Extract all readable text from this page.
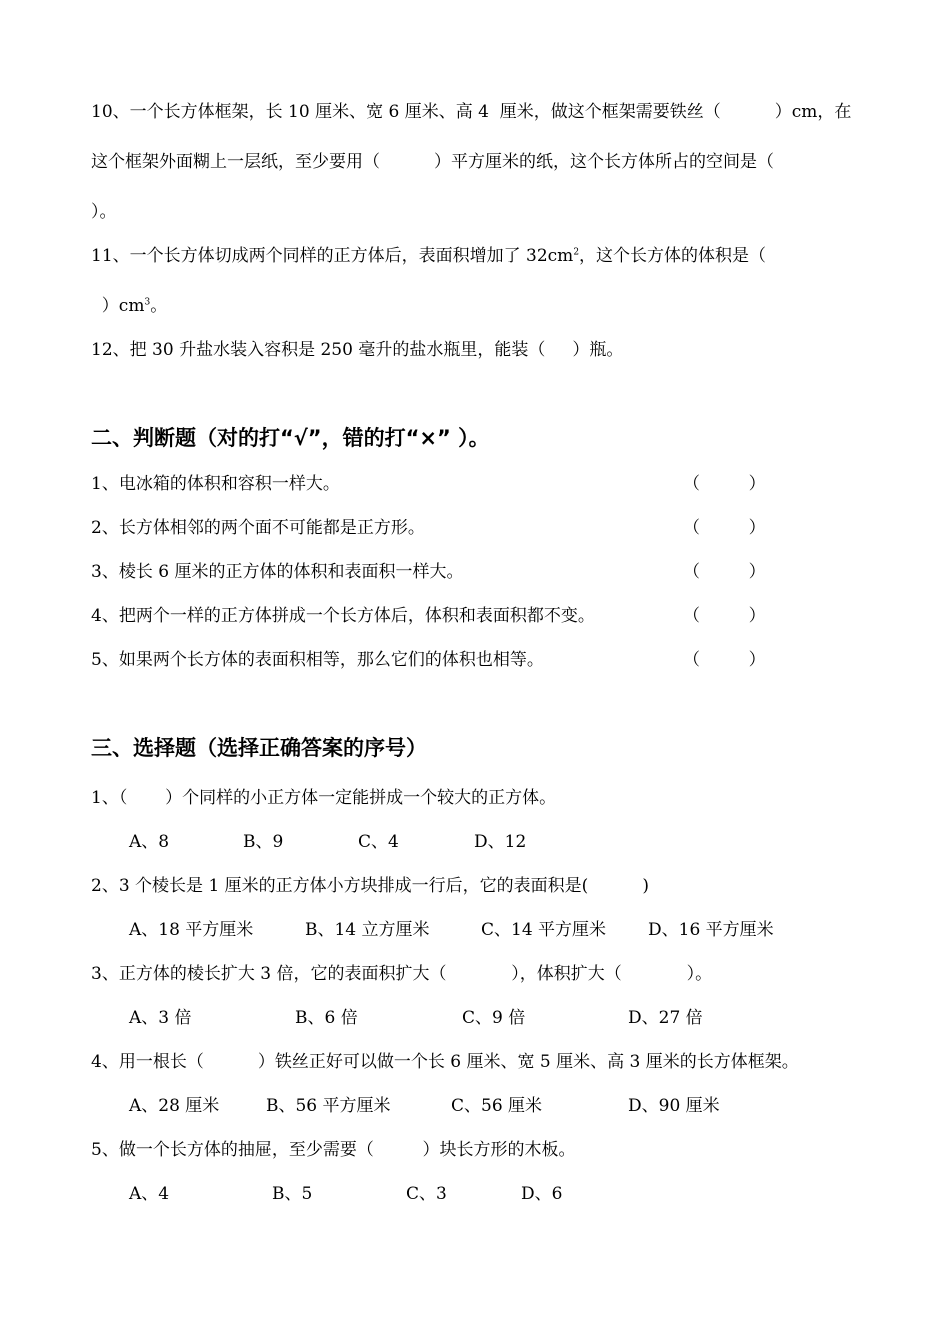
10、一个长方体框架，长 10 厘米、宽 6 厘米、高 4  厘米，做这个框架需要铁丝（          ）cm，在
这个框架外面糊上一层纸，至少要用（          ）平方厘米的纸，这个长方体所占的空间是（
）。
11、一个长方体切成两个同样的正方体后，表面积增加了 $32cm^2$，这个长方体的体积是（
）$cm^3$。
12、把 30 升盐水装入容积是 250 毫升的盐水瓶里，能装（     ）瓶。
二、判断题（对的打“√”，错的打“×” ）。
1、电冰箱的体积和容积一样大。	（         ）
2、长方体相邻的两个面不可能都是正方形。	（         ）
3、棱长 6 厘米的正方体的体积和表面积一样大。	（         ）
4、把两个一样的正方体拼成一个长方体后，体积和表面积都不变。	（         ）
5、如果两个长方体的表面积相等，那么它们的体积也相等。	（         ）
三、选择题（选择正确答案的序号）
1、（       ）个同样的小正方体一定能拼成一个较大的正方体。
A、8	B、9	C、4	D、12
2、3 个棱长是 1 厘米的正方体小方块排成一行后，它的表面积是(          )
A、18 平方厘米	B、14 立方厘米	C、14 平方厘米 D、16 平方厘米
3、正方体的棱长扩大 3 倍，它的表面积扩大（            ），体积扩大（            ）。
A、3 倍	B、6 倍	C、9 倍	D、27 倍
4、用一根长（          ）铁丝正好可以做一个长 6 厘米、宽 5 厘米、高 3 厘米的长方体框架。
A、28 厘米	B、56 平方厘米	C、56 厘米	D、90 厘米
5、做一个长方体的抽屉，至少需要（         ）块长方形的木板。
A、4	B、5	C、3	D、6
